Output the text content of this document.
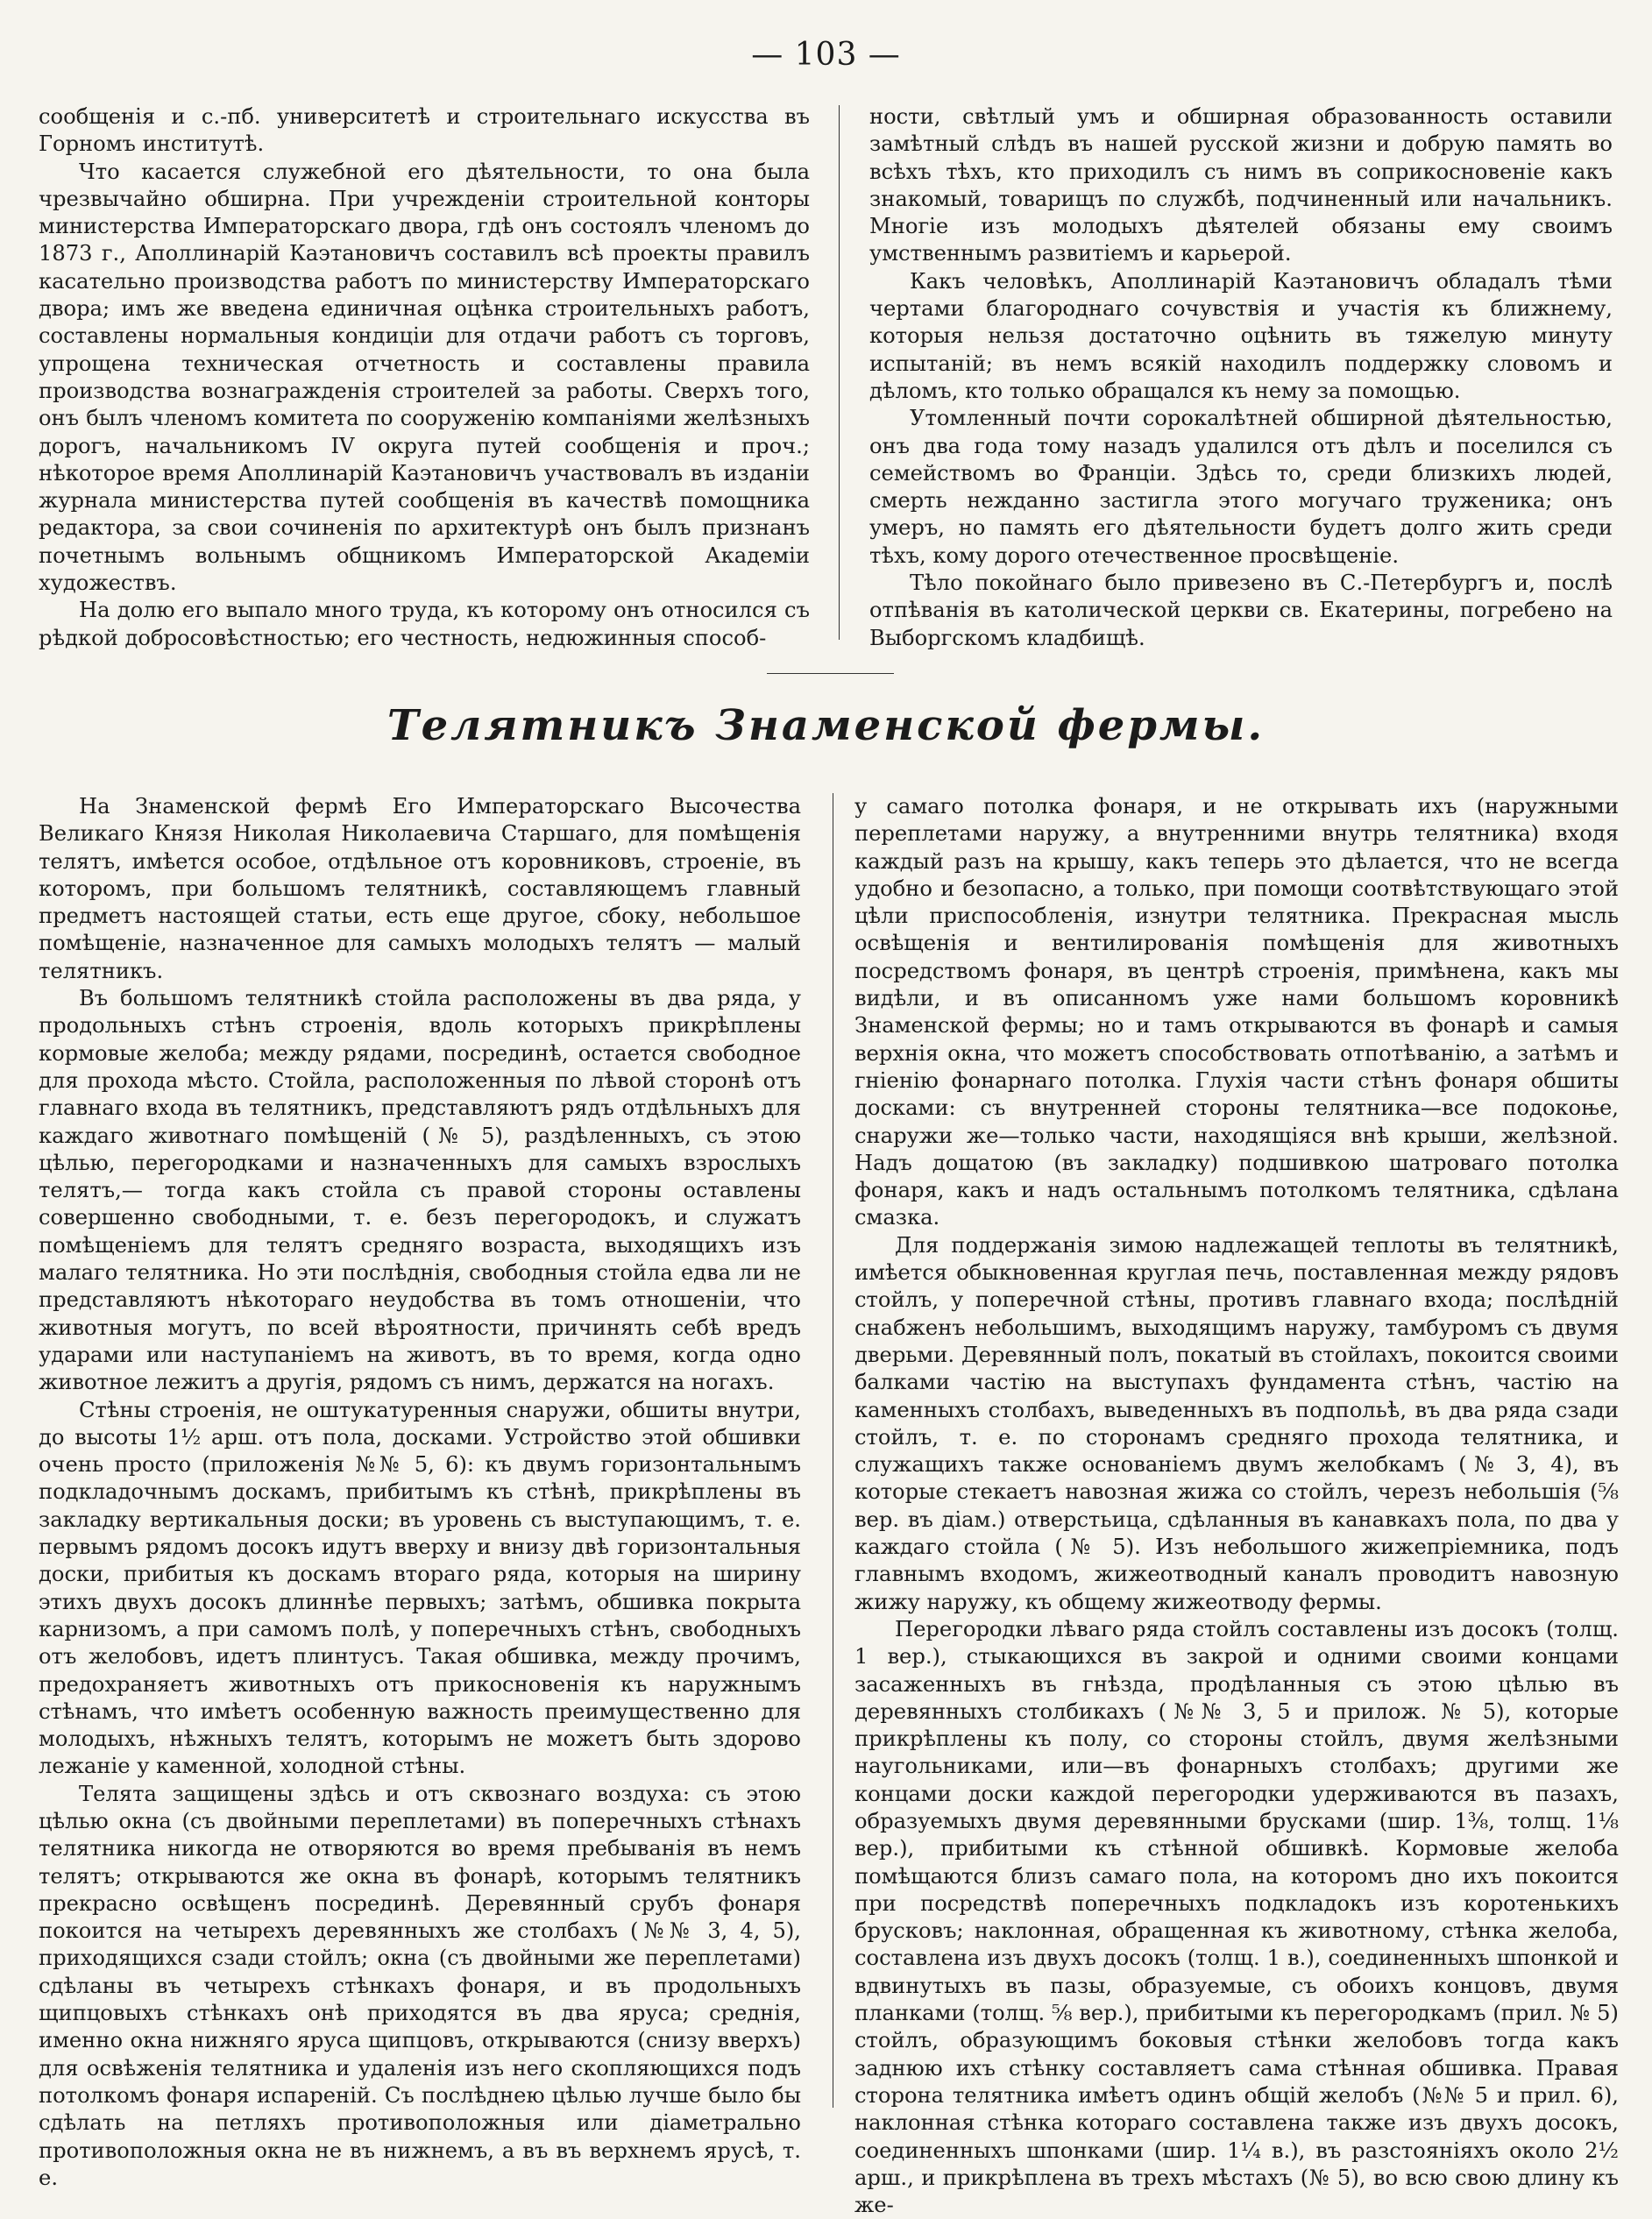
— 103 —

сообщенія и с.-пб. университетѣ и строительнаго искусства въ Горномъ институтѣ.

Что касается служебной его дѣятельности, то она была чрезвычайно обширна. При учрежденіи строительной конторы министерства Императорскаго двора, гдѣ онъ состоялъ членомъ до 1873 г., Аполлинарій Каэтановичъ составилъ всѣ проекты правилъ касательно производства работъ по министерству Императорскаго двора; имъ же введена единичная оцѣнка строительныхъ работъ, составлены нормальныя кондиціи для отдачи работъ съ торговъ, упрощена техническая отчетность и составлены правила производства вознагражденія строителей за работы. Сверхъ того, онъ былъ членомъ комитета по сооруженію компаніями желѣзныхъ дорогъ, начальникомъ IV округа путей сообщенія и проч.; нѣкоторое время Аполлинарій Каэтановичъ участвовалъ въ изданіи журнала министерства путей сообщенія въ качествѣ помощника редактора, за свои сочиненія по архитектурѣ онъ былъ признанъ почетнымъ вольнымъ общникомъ Императорской Академіи художествъ.

На долю его выпало много труда, къ которому онъ относился съ рѣдкой добросовѣстностью; его честность, недюжинныя способ-

ности, свѣтлый умъ и обширная образованность оставили замѣтный слѣдъ въ нашей русской жизни и добрую память во всѣхъ тѣхъ, кто приходилъ съ нимъ въ соприкосновеніе какъ знакомый, товарищъ по службѣ, подчиненный или начальникъ. Многіе изъ молодыхъ дѣятелей обязаны ему своимъ умственнымъ развитіемъ и карьерой.

Какъ человѣкъ, Аполлинарій Каэтановичъ обладалъ тѣми чертами благороднаго сочувствія и участія къ ближнему, которыя нельзя достаточно оцѣнить въ тяжелую минуту испытаній; въ немъ всякій находилъ поддержку словомъ и дѣломъ, кто только обращался къ нему за помощью.

Утомленный почти сорокалѣтней обширной дѣятельностью, онъ два года тому назадъ удалился отъ дѣлъ и поселился съ семействомъ во Франціи. Здѣсь то, среди близкихъ людей, смерть нежданно застигла этого могучаго труженика; онъ умеръ, но память его дѣятельности будетъ долго жить среди тѣхъ, кому дорого отечественное просвѣщеніе.

Тѣло покойнаго было привезено въ С.-Петербургъ и, послѣ отпѣванія въ католической церкви св. Екатерины, погребено на Выборгскомъ кладбищѣ.

Телятникъ Знаменской фермы.

На Знаменской фермѣ Его Императорскаго Высочества Великаго Князя Николая Николаевича Старшаго, для помѣщенія телятъ, имѣется особое, отдѣльное отъ коровниковъ, строеніе, въ которомъ, при большомъ телятникѣ, составляющемъ главный предметъ настоящей статьи, есть еще другое, сбоку, небольшое помѣщеніе, назначенное для самыхъ молодыхъ телятъ — малый телятникъ.

Въ большомъ телятникѣ стойла расположены въ два ряда, у продольныхъ стѣнъ строенія, вдоль которыхъ прикрѣплены кормовые желоба; между рядами, посрединѣ, остается свободное для прохода мѣсто. Стойла, расположенныя по лѣвой сторонѣ отъ главнаго входа въ телятникъ, представляютъ рядъ отдѣльныхъ для каждаго животнаго помѣщеній (№ 5), раздѣленныхъ, съ этою цѣлью, перегородками и назначенныхъ для самыхъ взрослыхъ телятъ,— тогда какъ стойла съ правой стороны оставлены совершенно свободными, т. е. безъ перегородокъ, и служатъ помѣщеніемъ для телятъ средняго возраста, выходящихъ изъ малаго телятника. Но эти послѣднія, свободныя стойла едва ли не представляютъ нѣкотораго неудобства въ томъ отношеніи, что животныя могутъ, по всей вѣроятности, причинять себѣ вредъ ударами или наступаніемъ на животъ, въ то время, когда одно животное лежитъ а другія, рядомъ съ нимъ, держатся на ногахъ.

Стѣны строенія, не оштукатуренныя снаружи, обшиты внутри, до высоты 1½ арш. отъ пола, досками. Устройство этой обшивки очень просто (приложенія №№ 5, 6): къ двумъ горизонтальнымъ подкладочнымъ доскамъ, прибитымъ къ стѣнѣ, прикрѣплены въ закладку вертикальныя доски; въ уровень съ выступающимъ, т. е. первымъ рядомъ досокъ идутъ вверху и внизу двѣ горизонтальныя доски, прибитыя къ доскамъ втораго ряда, которыя на ширину этихъ двухъ досокъ длиннѣе первыхъ; затѣмъ, обшивка покрыта карнизомъ, а при самомъ полѣ, у поперечныхъ стѣнъ, свободныхъ отъ желобовъ, идетъ плинтусъ. Такая обшивка, между прочимъ, предохраняетъ животныхъ отъ прикосновенія къ наружнымъ стѣнамъ, что имѣетъ особенную важность преимущественно для молодыхъ, нѣжныхъ телятъ, которымъ не можетъ быть здорово лежаніе у каменной, холодной стѣны.

Телята защищены здѣсь и отъ сквознаго воздуха: съ этою цѣлью окна (съ двойными переплетами) въ поперечныхъ стѣнахъ телятника никогда не отворяются во время пребыванія въ немъ телятъ; открываются же окна въ фонарѣ, которымъ телятникъ прекрасно освѣщенъ посрединѣ. Деревянный срубъ фонаря покоится на четырехъ деревянныхъ же столбахъ (№№ 3, 4, 5), приходящихся сзади стойлъ; окна (съ двойными же переплетами) сдѣланы въ четырехъ стѣнкахъ фонаря, и въ продольныхъ щипцовыхъ стѣнкахъ онѣ приходятся въ два яруса; среднія, именно окна нижняго яруса щипцовъ, открываются (снизу вверхъ) для освѣженія телятника и удаленія изъ него скопляющихся подъ потолкомъ фонаря испареній. Съ послѣднею цѣлью лучше было бы сдѣлать на петляхъ противоположныя или діаметрально противоположныя окна не въ нижнемъ, а въ въ верхнемъ ярусѣ, т. е.

у самаго потолка фонаря, и не открывать ихъ (наружными переплетами наружу, а внутренними внутрь телятника) входя каждый разъ на крышу, какъ теперь это дѣлается, что не всегда удобно и безопасно, а только, при помощи соотвѣтствующаго этой цѣли приспособленія, изнутри телятника. Прекрасная мысль освѣщенія и вентилированія помѣщенія для животныхъ посредствомъ фонаря, въ центрѣ строенія, примѣнена, какъ мы видѣли, и въ описанномъ уже нами большомъ коровникѣ Знаменской фермы; но и тамъ открываются въ фонарѣ и самыя верхнія окна, что можетъ способствовать отпотѣванію, а затѣмъ и гніенію фонарнаго потолка. Глухія части стѣнъ фонаря обшиты досками: съ внутренней стороны телятника—все подокоње, снаружи же—только части, находящіяся внѣ крыши, желѣзной. Надъ дощатою (въ закладку) подшивкою шатроваго потолка фонаря, какъ и надъ остальнымъ потолкомъ телятника, сдѣлана смазка.

Для поддержанія зимою надлежащей теплоты въ телятникѣ, имѣется обыкновенная круглая печь, поставленная между рядовъ стойлъ, у поперечной стѣны, противъ главнаго входа; послѣдній снабженъ небольшимъ, выходящимъ наружу, тамбуромъ съ двумя дверьми. Деревянный полъ, покатый въ стойлахъ, покоится своими балками частію на выступахъ фундамента стѣнъ, частію на каменныхъ столбахъ, выведенныхъ въ подпольѣ, въ два ряда сзади стойлъ, т. е. по сторонамъ средняго прохода телятника, и служащихъ также основаніемъ двумъ желобкамъ (№ 3, 4), въ которые стекаетъ навозная жижа со стойлъ, черезъ небольшія (⅝ вер. въ діам.) отверстьица, сдѣланныя въ канавкахъ пола, по два у каждаго стойла (№ 5). Изъ небольшого жижепріемника, подъ главнымъ входомъ, жижеотводный каналъ проводитъ навозную жижу наружу, къ общему жижеотводу фермы.

Перегородки лѣваго ряда стойлъ составлены изъ досокъ (толщ. 1 вер.), стыкающихся въ закрой и одними своими концами засаженныхъ въ гнѣзда, продѣланныя съ этою цѣлью въ деревянныхъ столбикахъ (№№ 3, 5 и прилож. № 5), которые прикрѣплены къ полу, со стороны стойлъ, двумя желѣзными наугольниками, или—въ фонарныхъ столбахъ; другими же концами доски каждой перегородки удерживаются въ пазахъ, образуемыхъ двумя деревянными брусками (шир. 1⅜, толщ. 1⅛ вер.), прибитыми къ стѣнной обшивкѣ. Кормовые желоба помѣщаются близъ самаго пола, на которомъ дно ихъ покоится при посредствѣ поперечныхъ подкладокъ изъ коротенькихъ брусковъ; наклонная, обращенная къ животному, стѣнка желоба, составлена изъ двухъ досокъ (толщ. 1 в.), соединенныхъ шпонкой и вдвинутыхъ въ пазы, образуемые, съ обоихъ концовъ, двумя планками (толщ. ⅝ вер.), прибитыми къ перегородкамъ (прил. № 5) стойлъ, образующимъ боковыя стѣнки желобовъ тогда какъ заднюю ихъ стѣнку составляетъ сама стѣнная обшивка. Правая сторона телятника имѣетъ одинъ общій желобъ (№№ 5 и прил. 6), наклонная стѣнка котораго составлена также изъ двухъ досокъ, соединенныхъ шпонками (шир. 1¼ в.), въ разстояніяхъ около 2½ арш., и прикрѣплена въ трехъ мѣстахъ (№ 5), во всю свою длину къ же-
